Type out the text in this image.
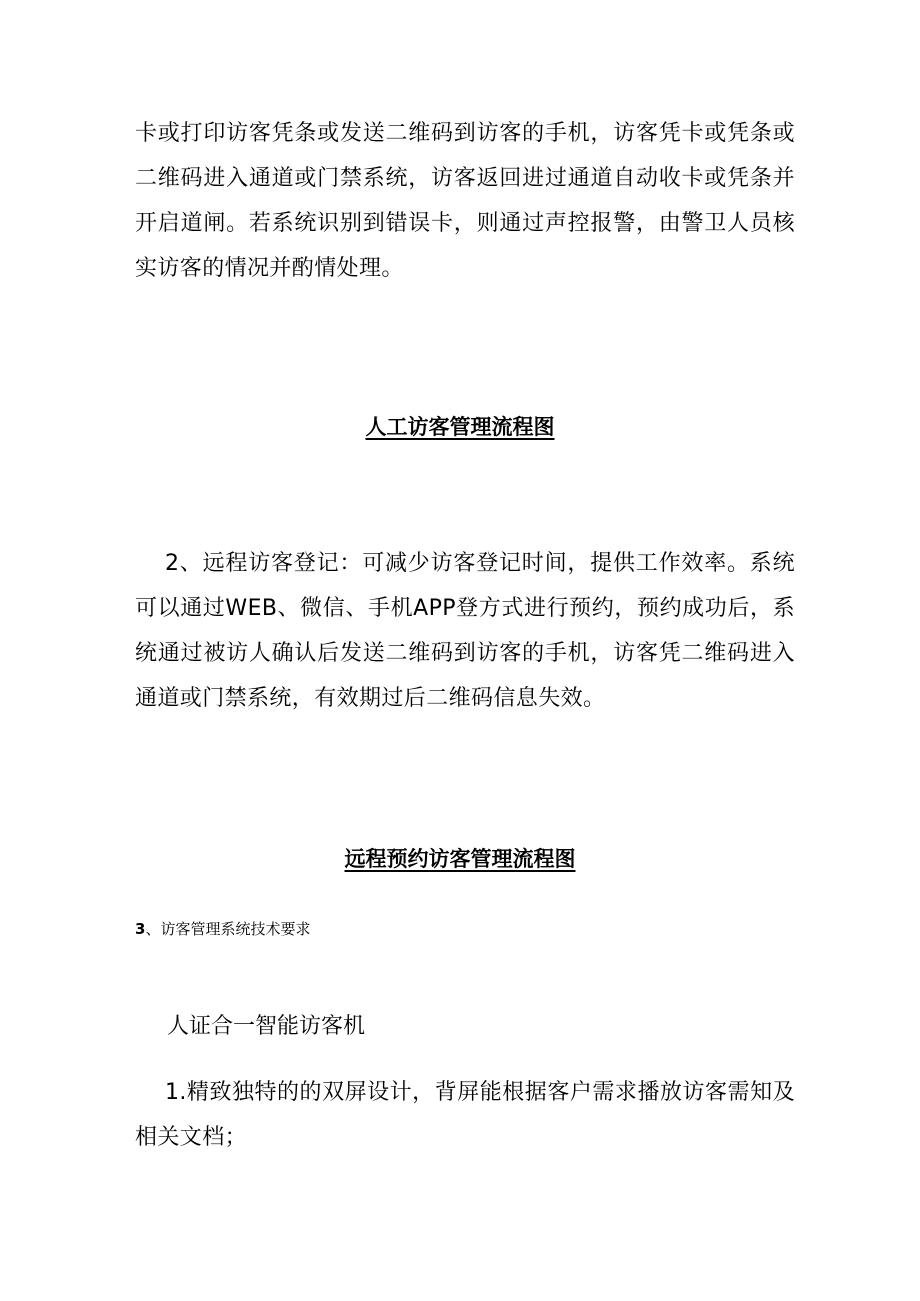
卡或打印访客凭条或发送二维码到访客的手机，访客凭卡或凭条或二维码进入通道或门禁系统，访客返回进过通道自动收卡或凭条并开启道闸。若系统识别到错误卡，则通过声控报警，由警卫人员核实访客的情况并酌情处理。

人工访客管理流程图

2、远程访客登记：可减少访客登记时间，提供工作效率。系统可以通过WEB、微信、手机APP登方式进行预约，预约成功后，系统通过被访人确认后发送二维码到访客的手机，访客凭二维码进入通道或门禁系统，有效期过后二维码信息失效。

远程预约访客管理流程图

3、访客管理系统技术要求

人证合一智能访客机

1.精致独特的的双屏设计，背屏能根据客户需求播放访客需知及相关文档；
